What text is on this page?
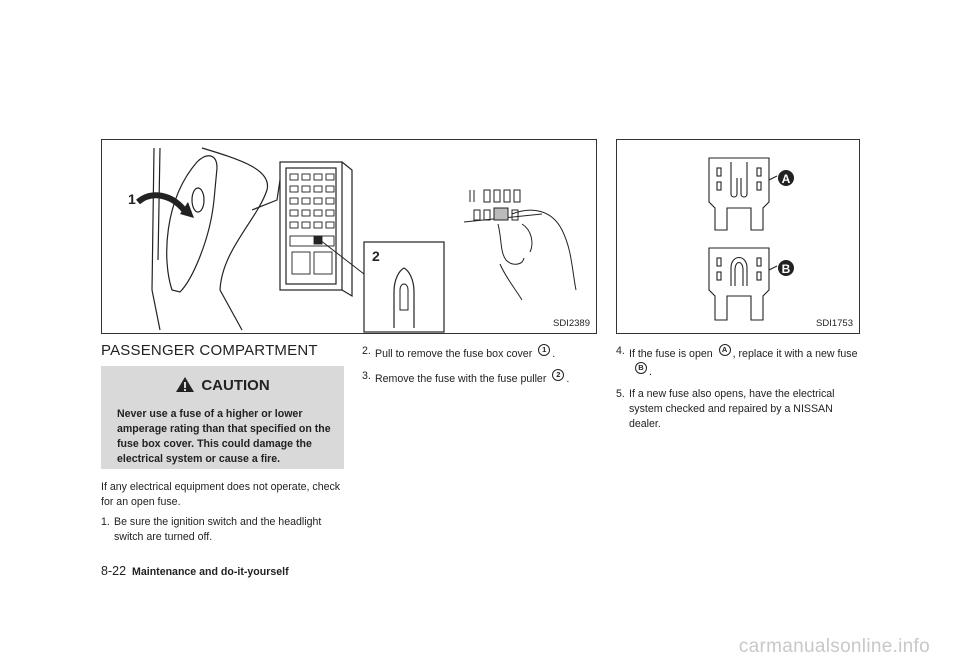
1
2
SDI2389
A
B
SDI1753
PASSENGER COMPARTMENT
CAUTION
Never use a fuse of a higher or lower amperage rating than that specified on the fuse box cover. This could damage the electrical system or cause a fire.

If any electrical equipment does not operate, check for an open fuse.

1. Be sure the ignition switch and the headlight switch are turned off.
2. Pull to remove the fuse box cover 1 .
3. Remove the fuse with the fuse puller 2 .
4. If the fuse is open A , replace it with a new fuseB .
5. If a new fuse also opens, have the electrical system checked and repaired by a NISSAN dealer.
8-22 Maintenance and do-it-yourself
carmanualsonline.info
